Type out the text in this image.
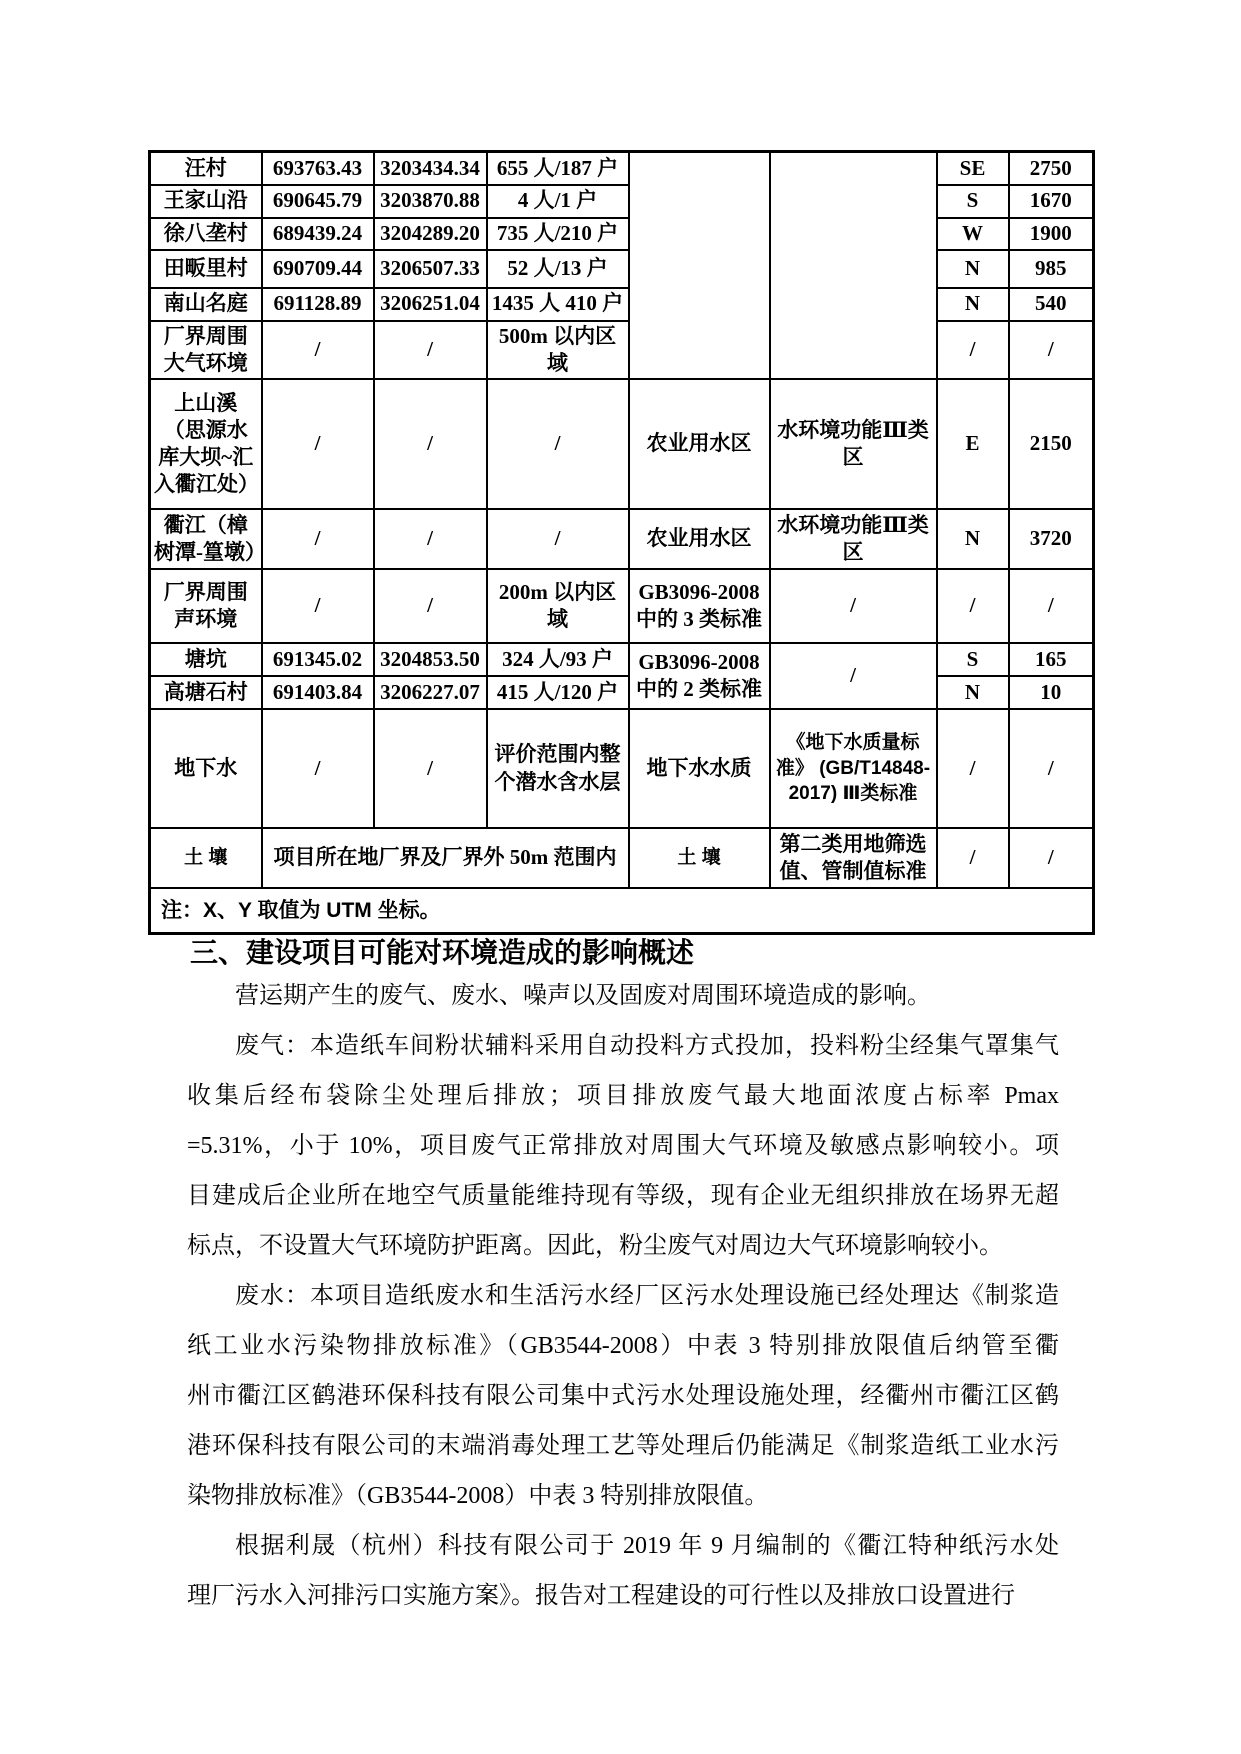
汪村	693763.43	3203434.34	655 人/187 户			SE	2750
王家山沿	690645.79	3203870.88	4 人/1 户			S	1670
徐八垄村	689439.24	3204289.20	735 人/210 户			W	1900
田畈里村	690709.44	3206507.33	52 人/13 户			N	985
南山名庭	691128.89	3206251.04	1435 人 410 户			N	540
厂界周围大气环境	/	/	500m 以内区域			/	/
上山溪（思源水库大坝~汇入衢江处）	/	/	/	农业用水区	水环境功能Ⅲ类区	E	2150
衢江（樟树潭-篁墩）	/	/	/	农业用水区	水环境功能Ⅲ类区	N	3720
厂界周围声环境	/	/	200m 以内区域	GB3096-2008 中的 3 类标准	/	/	/
塘坑	691345.02	3204853.50	324 人/93 户	GB3096-2008 中的 2 类标准	/	S	165
高塘石村	691403.84	3206227.07	415 人/120 户			N	10
地下水	/	/	评价范围内整个潜水含水层	地下水水质	《地下水质量标准》 (GB/T14848-2017) Ⅲ类标准	/	/
土 壤	项目所在地厂界及厂界外 50m 范围内			土 壤	第二类用地筛选值、管制值标准	/	/
注：X、Y 取值为 UTM 坐标。							
三、建设项目可能对环境造成的影响概述
营运期产生的废气、废水、噪声以及固废对周围环境造成的影响。
废气：本造纸车间粉状辅料采用自动投料方式投加，投料粉尘经集气罩集气
收集后经布袋除尘处理后排放；项目排放废气最大地面浓度占标率 Pmax
=5.31%，小于 10%，项目废气正常排放对周围大气环境及敏感点影响较小。项
目建成后企业所在地空气质量能维持现有等级，现有企业无组织排放在场界无超
标点，不设置大气环境防护距离。因此，粉尘废气对周边大气环境影响较小。
废水：本项目造纸废水和生活污水经厂区污水处理设施已经处理达《制浆造
纸工业水污染物排放标准》（GB3544-2008）中表 3 特别排放限值后纳管至衢
州市衢江区鹤港环保科技有限公司集中式污水处理设施处理，经衢州市衢江区鹤
港环保科技有限公司的末端消毒处理工艺等处理后仍能满足《制浆造纸工业水污
染物排放标准》（GB3544-2008）中表 3 特别排放限值。
根据利晟（杭州）科技有限公司于 2019 年 9 月编制的《衢江特种纸污水处
理厂污水入河排污口实施方案》。报告对工程建设的可行性以及排放口设置进行
